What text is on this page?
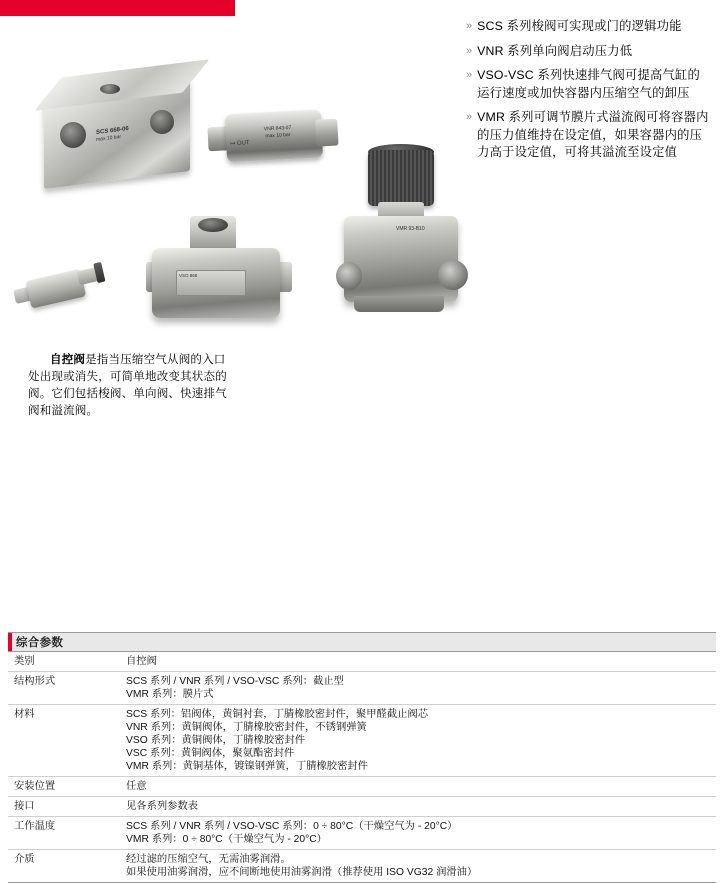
» SCS 系列梭阀可实现或门的逻辑功能
» VNR 系列单向阀启动压力低
» VSO-VSC 系列快速排气阀可提高气缸的运行速度或加快容器内压缩空气的卸压
» VMR 系列可调节膜片式溢流阀可将容器内的压力值维持在设定值，如果容器内的压力高于设定值，可将其溢流至设定值
SCS 668-06
max 10 bar
↦ OUT
VNR 843-07
max 10 bar
VSO 868
VMR 93-B10
自控阀是指当压缩空气从阀的入口处出现或消失，可简单地改变其状态的阀。它们包括梭阀、单向阀、快速排气阀和溢流阀。
综合参数
类别	自控阀

结构形式	SCS 系列 / VNR 系列 / VSO-VSC 系列：截止型
VMR 系列：膜片式

材料	SCS 系列：铝阀体，黄铜衬套，丁腈橡胶密封件，聚甲醛截止阀芯
VNR 系列：黄铜阀体，丁腈橡胶密封件，不锈钢弹簧
VSO 系列：黄铜阀体，丁腈橡胶密封件
VSC 系列：黄铜阀体，聚氨酯密封件
VMR 系列：黄铜基体，镀镍钢弹簧，丁腈橡胶密封件

安装位置	任意

接口	见各系列参数表

工作温度	SCS 系列 / VNR 系列 / VSO-VSC 系列：0 ÷ 80°C（干燥空气为 - 20°C）
VMR 系列：0 ÷ 80°C（干燥空气为 - 20°C）

介质	经过滤的压缩空气，无需油雾润滑。
如果使用油雾润滑，应不间断地使用油雾润滑（推荐使用 ISO VG32 润滑油）
